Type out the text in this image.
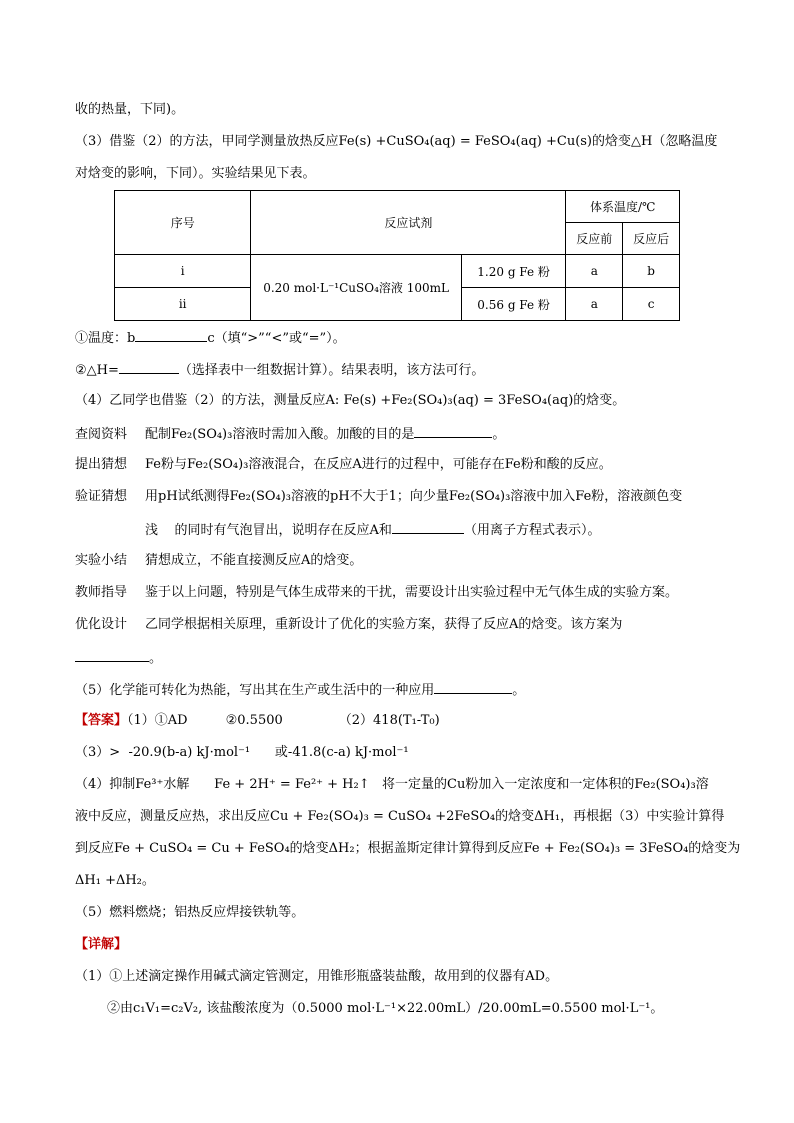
收的热量，下同)。
（3）借鉴（2）的方法，甲同学测量放热反应Fe(s) +CuSO₄(aq) = FeSO₄(aq) +Cu(s)的焓变△H（忽略温度
对焓变的影响，下同）。实验结果见下表。
序号	反应试剂		体系温度/℃	
			反应前	反应后
i	0.20 mol·L⁻¹CuSO₄溶液 100mL	1.20 g Fe 粉	a	b
ii		0.56 g Fe 粉	a	c
①温度：b	c（填“>”“<”或“=”）。
②△H=	（选择表中一组数据计算）。结果表明，该方法可行。
（4）乙同学也借鉴（2）的方法，测量反应A: Fe(s) +Fe₂(SO₄)₃(aq) = 3FeSO₄(aq)的焓变。
查阅资料 配制Fe₂(SO₄)₃溶液时需加入酸。加酸的目的是	。
提出猜想 Fe粉与Fe₂(SO₄)₃溶液混合，在反应A进行的过程中，可能存在Fe粉和酸的反应。
验证猜想 用pH试纸测得Fe₂(SO₄)₃溶液的pH不大于1；向少量Fe₂(SO₄)₃溶液中加入Fe粉，溶液颜色变
浅 的同时有气泡冒出，说明存在反应A和	（用离子方程式表示）。
实验小结 猜想成立，不能直接测反应A的焓变。
教师指导 鉴于以上问题，特别是气体生成带来的干扰，需要设计出实验过程中无气体生成的实验方案。
优化设计 乙同学根据相关原理，重新设计了优化的实验方案，获得了反应A的焓变。该方案为
。
（5）化学能可转化为热能，写出其在生产或生活中的一种应用	。
【答案】（1）①AD	②0.5500	（2）418(T₁-T₀)
（3）> -20.9(b-a) kJ·mol⁻¹ 或-41.8(c-a) kJ·mol⁻¹
（4）抑制Fe³⁺水解 Fe + 2H⁺ = Fe²⁺ + H₂↑ 将一定量的Cu粉加入一定浓度和一定体积的Fe₂(SO₄)₃溶
液中反应，测量反应热，求出反应Cu + Fe₂(SO₄)₃ = CuSO₄ +2FeSO₄的焓变ΔH₁，再根据（3）中实验计算得
到反应Fe + CuSO₄ = Cu + FeSO₄的焓变ΔH₂；根据盖斯定律计算得到反应Fe + Fe₂(SO₄)₃ = 3FeSO₄的焓变为
ΔH₁ +ΔH₂。
（5）燃料燃烧；铝热反应焊接铁轨等。
【详解】
（1）①上述滴定操作用碱式滴定管测定，用锥形瓶盛装盐酸，故用到的仪器有AD。
②由c₁V₁=c₂V₂, 该盐酸浓度为（0.5000 mol·L⁻¹×22.00mL）/20.00mL=0.5500 mol·L⁻¹。
